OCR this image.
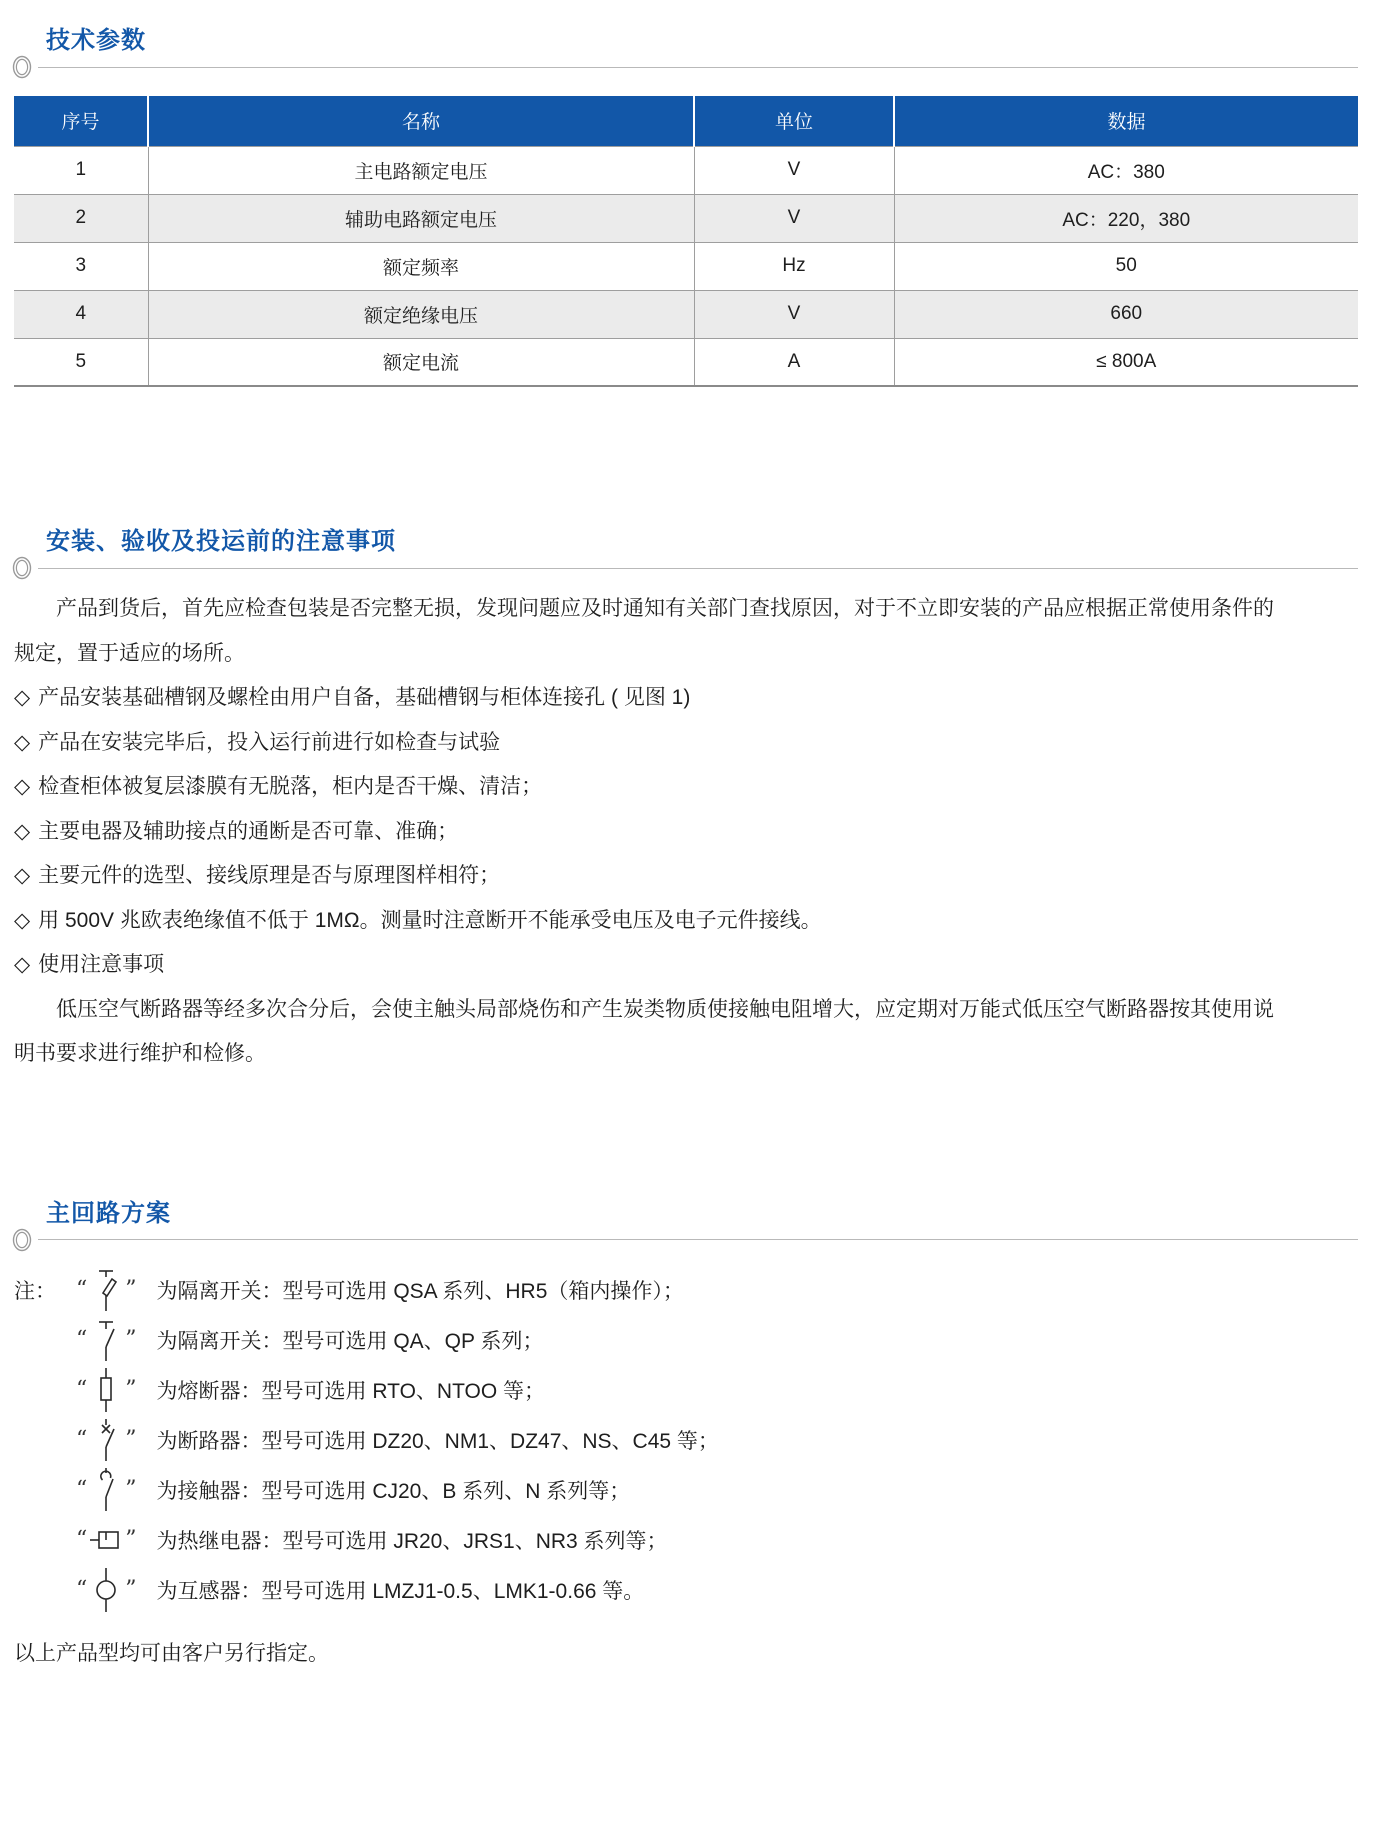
技术参数
序号	名称	单位	数据
1	主电路额定电压	V	AC：380
2	辅助电路额定电压	V	AC：220，380
3	额定频率	Hz	50
4	额定绝缘电压	V	660
5	额定电流	A	≤ 800A
安装、验收及投运前的注意事项
产品到货后，首先应检查包装是否完整无损，发现问题应及时通知有关部门查找原因，对于不立即安装的产品应根据正常使用条件的
规定，置于适应的场所。
◇ 产品安装基础槽钢及螺栓由用户自备，基础槽钢与柜体连接孔 ( 见图 1)
◇ 产品在安装完毕后，投入运行前进行如检查与试验
◇ 检查柜体被复层漆膜有无脱落，柜内是否干燥、清洁；
◇ 主要电器及辅助接点的通断是否可靠、准确；
◇ 主要元件的选型、接线原理是否与原理图样相符；
◇ 用 500V 兆欧表绝缘值不低于 1MΩ。测量时注意断开不能承受电压及电子元件接线。
◇ 使用注意事项
低压空气断路器等经多次合分后，会使主触头局部烧伤和产生炭类物质使接触电阻增大，应定期对万能式低压空气断路器按其使用说
明书要求进行维护和检修。
主回路方案
注： “ ” 为隔离开关：型号可选用 QSA 系列、HR5（箱内操作）；
“ ” 为隔离开关：型号可选用 QA、QP 系列；
“ ” 为熔断器：型号可选用 RTO、NTOO 等；
“ ” 为断路器：型号可选用 DZ20、NM1、DZ47、NS、C45 等；
“ ” 为接触器：型号可选用 CJ20、B 系列、N 系列等；
“ ” 为热继电器：型号可选用 JR20、JRS1、NR3 系列等；
“ ” 为互感器：型号可选用 LMZJ1-0.5、LMK1-0.66 等。
以上产品型均可由客户另行指定。
